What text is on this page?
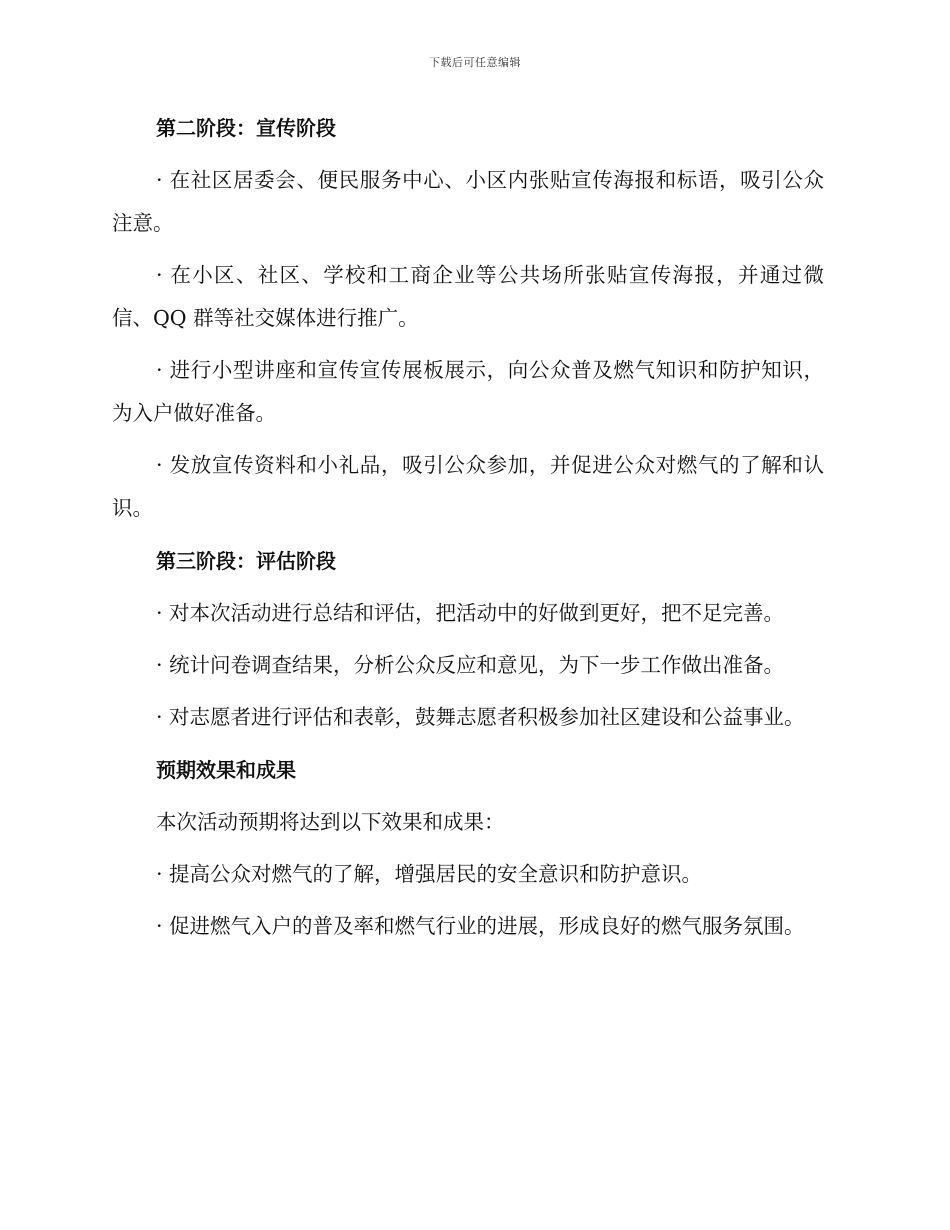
下载后可任意编辑

第二阶段：宣传阶段

· 在社区居委会、便民服务中心、小区内张贴宣传海报和标语，吸引公众注意。

· 在小区、社区、学校和工商企业等公共场所张贴宣传海报，并通过微信、QQ 群等社交媒体进行推广。

· 进行小型讲座和宣传宣传展板展示，向公众普及燃气知识和防护知识，为入户做好准备。

· 发放宣传资料和小礼品，吸引公众参加，并促进公众对燃气的了解和认识。

第三阶段：评估阶段

· 对本次活动进行总结和评估，把活动中的好做到更好，把不足完善。

· 统计问卷调查结果，分析公众反应和意见，为下一步工作做出准备。

· 对志愿者进行评估和表彰，鼓舞志愿者积极参加社区建设和公益事业。

预期效果和成果

本次活动预期将达到以下效果和成果：

· 提高公众对燃气的了解，增强居民的安全意识和防护意识。

· 促进燃气入户的普及率和燃气行业的进展，形成良好的燃气服务氛围。
